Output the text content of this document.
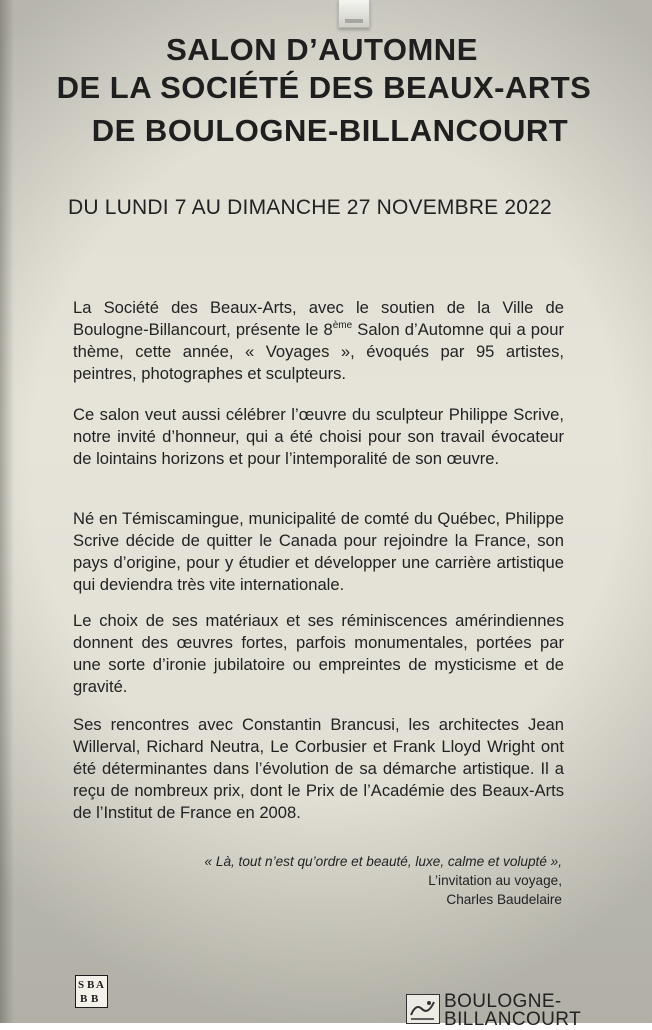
SALON D’AUTOMNE
DE LA SOCIÉTÉ DES BEAUX-ARTS
DE BOULOGNE-BILLANCOURT
DU LUNDI 7 AU DIMANCHE 27 NOVEMBRE 2022
La Société des Beaux-Arts, avec le soutien de la Ville de Boulogne-Billancourt, présente le 8ème Salon d’Automne qui a pour thème, cette année, « Voyages », évoqués par 95 artistes, peintres, photographes et sculpteurs.
Ce salon veut aussi célébrer l’œuvre du sculpteur Philippe Scrive, notre invité d’honneur, qui a été choisi pour son travail évocateur de lointains horizons et pour l’intemporalité de son œuvre.
Né en Témiscamingue, municipalité de comté du Québec, Philippe Scrive décide de quitter le Canada pour rejoindre la France, son pays d’origine, pour y étudier et développer une carrière artistique qui deviendra très vite internationale.
Le choix de ses matériaux et ses réminiscences amérindiennes donnent des œuvres fortes, parfois monumentales, portées par une sorte d’ironie jubilatoire ou empreintes de mysticisme et de gravité.
Ses rencontres avec Constantin Brancusi, les architectes Jean Willerval, Richard Neutra, Le Corbusier et Frank Lloyd Wright ont été déterminantes dans l’évolution de sa démarche artistique. Il a reçu de nombreux prix, dont le Prix de l’Académie des Beaux-Arts de l’Institut de France en 2008.
« Là, tout n’est qu’ordre et beauté, luxe, calme et volupté »,
L’invitation au voyage,
Charles Baudelaire
S B A
B B	BOULOGNE-
BILLANCOURT
